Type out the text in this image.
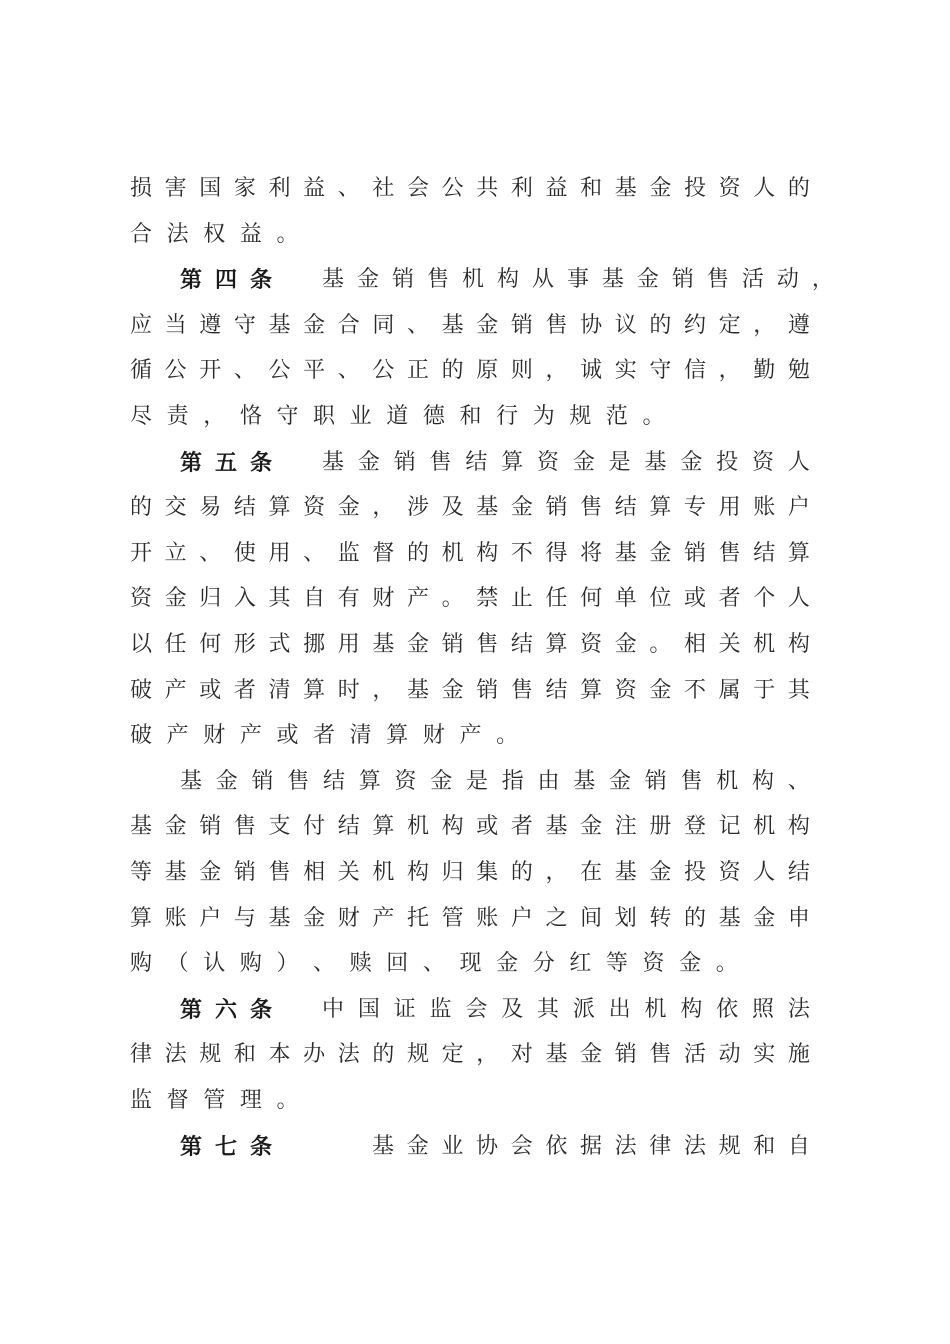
损 害 国 家 利 益 、 社 会 公 共 利 益 和 基 金 投 资 人 的
合 法 权 益 。
第 四 条 基 金 销 售 机 构 从 事 基 金 销 售 活 动 ，
应 当 遵 守 基 金 合 同 、 基 金 销 售 协 议 的 约 定 ， 遵
循 公 开 、 公 平 、 公 正 的 原 则 ， 诚 实 守 信 ， 勤 勉
尽 责 ， 恪 守 职 业 道 德 和 行 为 规 范 。
第 五 条 基 金 销 售 结 算 资 金 是 基 金 投 资 人
的 交 易 结 算 资 金 ， 涉 及 基 金 销 售 结 算 专 用 账 户
开 立 、 使 用 、 监 督 的 机 构 不 得 将 基 金 销 售 结 算
资 金 归 入 其 自 有 财 产 。 禁 止 任 何 单 位 或 者 个 人
以 任 何 形 式 挪 用 基 金 销 售 结 算 资 金 。 相 关 机 构
破 产 或 者 清 算 时 ， 基 金 销 售 结 算 资 金 不 属 于 其
破 产 财 产 或 者 清 算 财 产 。
基 金 销 售 结 算 资 金 是 指 由 基 金 销 售 机 构 、
基 金 销 售 支 付 结 算 机 构 或 者 基 金 注 册 登 记 机 构
等 基 金 销 售 相 关 机 构 归 集 的 ， 在 基 金 投 资 人 结
算 账 户 与 基 金 财 产 托 管 账 户 之 间 划 转 的 基 金 申
购 （ 认 购 ） 、 赎 回 、 现 金 分 红 等 资 金 。
第 六 条 中 国 证 监 会 及 其 派 出 机 构 依 照 法
律 法 规 和 本 办 法 的 规 定 ， 对 基 金 销 售 活 动 实 施
监 督 管 理 。
第 七 条	基 金 业 协 会 依 据 法 律 法 规 和 自
